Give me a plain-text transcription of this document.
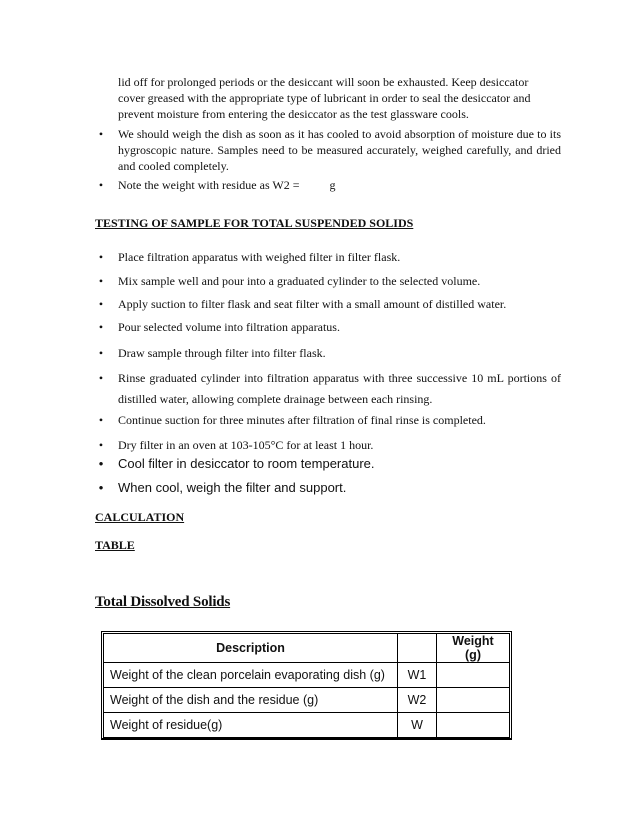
lid off for prolonged periods or the desiccant will soon be exhausted. Keep desiccator
cover greased with the appropriate type of lubricant in order to seal the desiccator and
prevent moisture from entering the desiccator as the test glassware cools.
•	We should weigh the dish as soon as it has cooled to avoid absorption of moisture due to its hygroscopic nature. Samples need to be measured accurately, weighed carefully, and dried and cooled completely.
•	Note the weight with residue as W2 =          g
TESTING OF SAMPLE FOR TOTAL SUSPENDED SOLIDS
•	Place filtration apparatus with weighed filter in filter flask.
•	Mix sample well and pour into a graduated cylinder to the selected volume.
•	Apply suction to filter flask and seat filter with a small amount of distilled water.
•	Pour selected volume into filtration apparatus.
•	Draw sample through filter into filter flask.
•	Rinse graduated cylinder into filtration apparatus with three successive 10 mL portions of distilled water, allowing complete drainage between each rinsing.
•	Continue suction for three minutes after filtration of final rinse is completed.
•	Dry filter in an oven at 103-105°C for at least 1 hour.
• Cool filter in desiccator to room temperature.
• When cool, weigh the filter and support.
CALCULATION
TABLE
Total Dissolved Solids
Description		Weight (g)
Weight of the clean porcelain evaporating dish (g)	W1	
Weight of the dish and the residue (g)	W2	
Weight of residue(g)	W	
